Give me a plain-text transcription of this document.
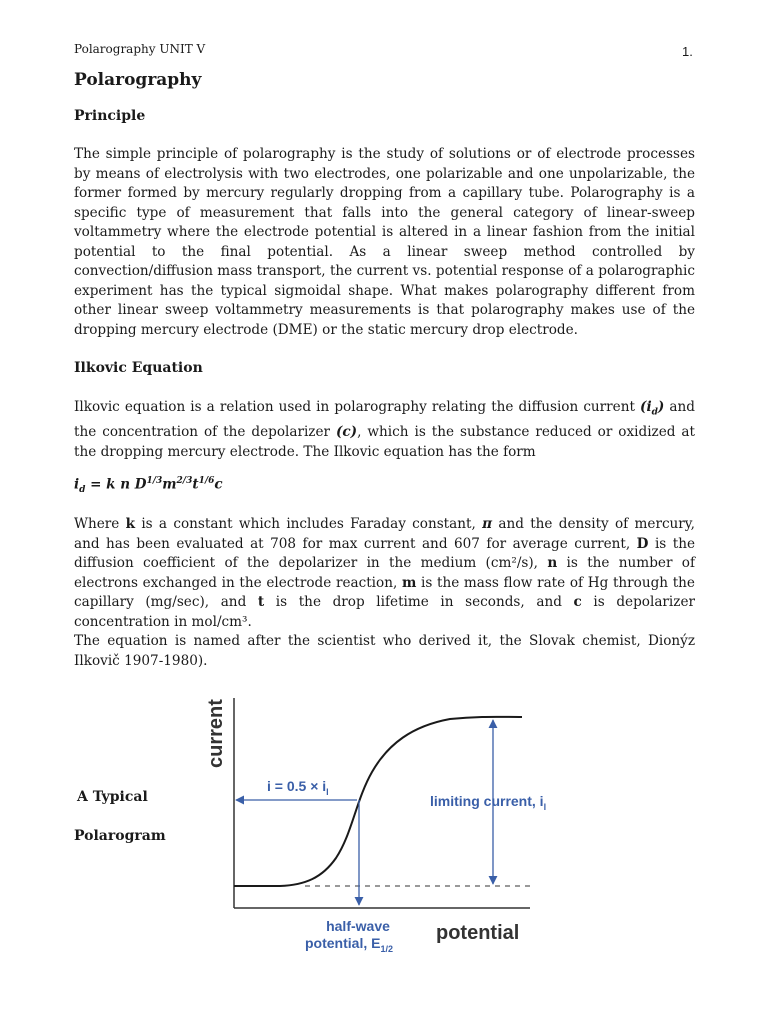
Polarography UNIT V	1.
Polarography
Principle

The simple principle of polarography is the study of solutions or of electrode processes by means of electrolysis with two electrodes, one polarizable and one unpolarizable, the former formed by mercury regularly dropping from a capillary tube. Polarography is a specific type of measurement that falls into the general category of linear-sweep voltammetry where the electrode potential is altered in a linear fashion from the initial potential to the final potential. As a linear sweep method controlled by convection/diffusion mass transport, the current vs. potential response of a polarographic experiment has the typical sigmoidal shape. What makes polarography different from other linear sweep voltammetry measurements is that polarography makes use of the dropping mercury electrode (DME) or the static mercury drop electrode.

Ilkovic Equation

Ilkovic equation is a relation used in polarography relating the diffusion current $(i_d)$ and the concentration of the depolarizer (c), which is the substance reduced or oxidized at the dropping mercury electrode. The Ilkovic equation has the form

$i_d = k$ n $D^{1/3}m^{2/3}t^{1/6}c$

Where k is a constant which includes Faraday constant, π and the density of mercury, and has been evaluated at 708 for max current and 607 for average current, D is the diffusion coefficient of the depolarizer in the medium (cm²/s), n is the number of electrons exchanged in the electrode reaction, m is the mass flow rate of Hg through the capillary (mg/sec), and t is the drop lifetime in seconds, and c is depolarizer concentration in mol/cm³.

The equation is named after the scientist who derived it, the Slovak chemist, Dionýz Ilkovič 1907-1980).

A Typical
Polarogram
current
potential
$i = 0.5 \times i_l$
limiting current, $i_l$
half-wave
potential, $E_{1/2}$
